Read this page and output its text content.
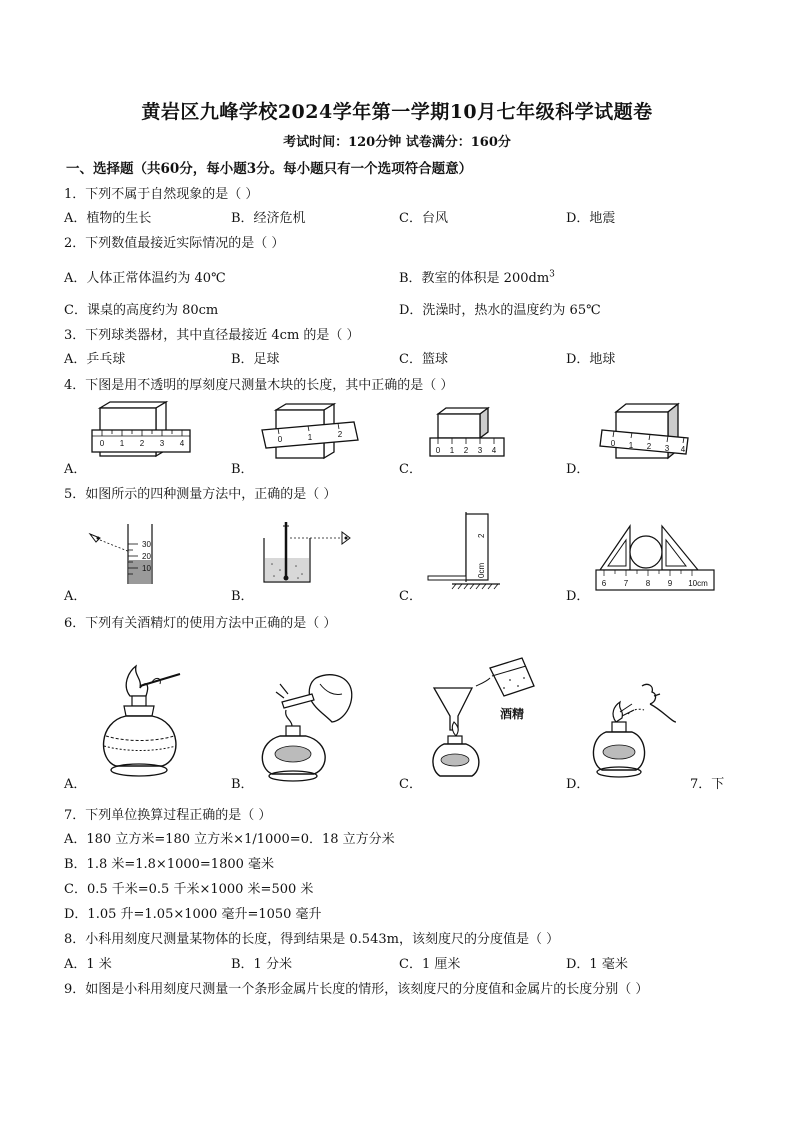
黄岩区九峰学校2024学年第一学期10月七年级科学试题卷
考试时间：120分钟 试卷满分：160分
一、选择题（共60分，每小题3分。每小题只有一个选项符合题意）
1．下列不属于自然现象的是（ ）
A．植物的生长	B．经济危机	C．台风	D．地震
2．下列数值最接近实际情况的是（ ）
A．人体正常体温约为 40℃	B．教室的体积是 $200dm^3$
C．课桌的高度约为 80cm	D．洗澡时，热水的温度约为 65℃
3．下列球类器材，其中直径最接近 4cm 的是（ ）
A．乒乓球	B．足球	C．篮球	D．地球
4．下图是用不透明的厚刻度尺测量木块的长度，其中正确的是（ ）
A．
0 1 2 3 4
B．
0	1	2
C．
0 1 2 3 4
D．
0 1 2 3 4
5．如图所示的四种测量方法中，正确的是（ ）
A．
30
20
10
B．	C．
2
0cm
D．
6 7 8 9 10cm
6．下列有关酒精灯的使用方法中正确的是（ ）
A．	B．	C．
酒精
D．	7．下
7．下列单位换算过程正确的是（ ）
A．180 立方米=180 立方米×1/1000=0．18 立方分米
B．1.8 米=1.8×1000=1800 毫米
C．0.5 千米=0.5 千米×1000 米=500 米
D．1.05 升=1.05×1000 毫升=1050 毫升
8．小科用刻度尺测量某物体的长度，得到结果是 0.543m，该刻度尺的分度值是（ ）
A．1 米	B．1 分米	C．1 厘米	D．1 毫米
9．如图是小科用刻度尺测量一个条形金属片长度的情形，该刻度尺的分度值和金属片的长度分别（ ）
